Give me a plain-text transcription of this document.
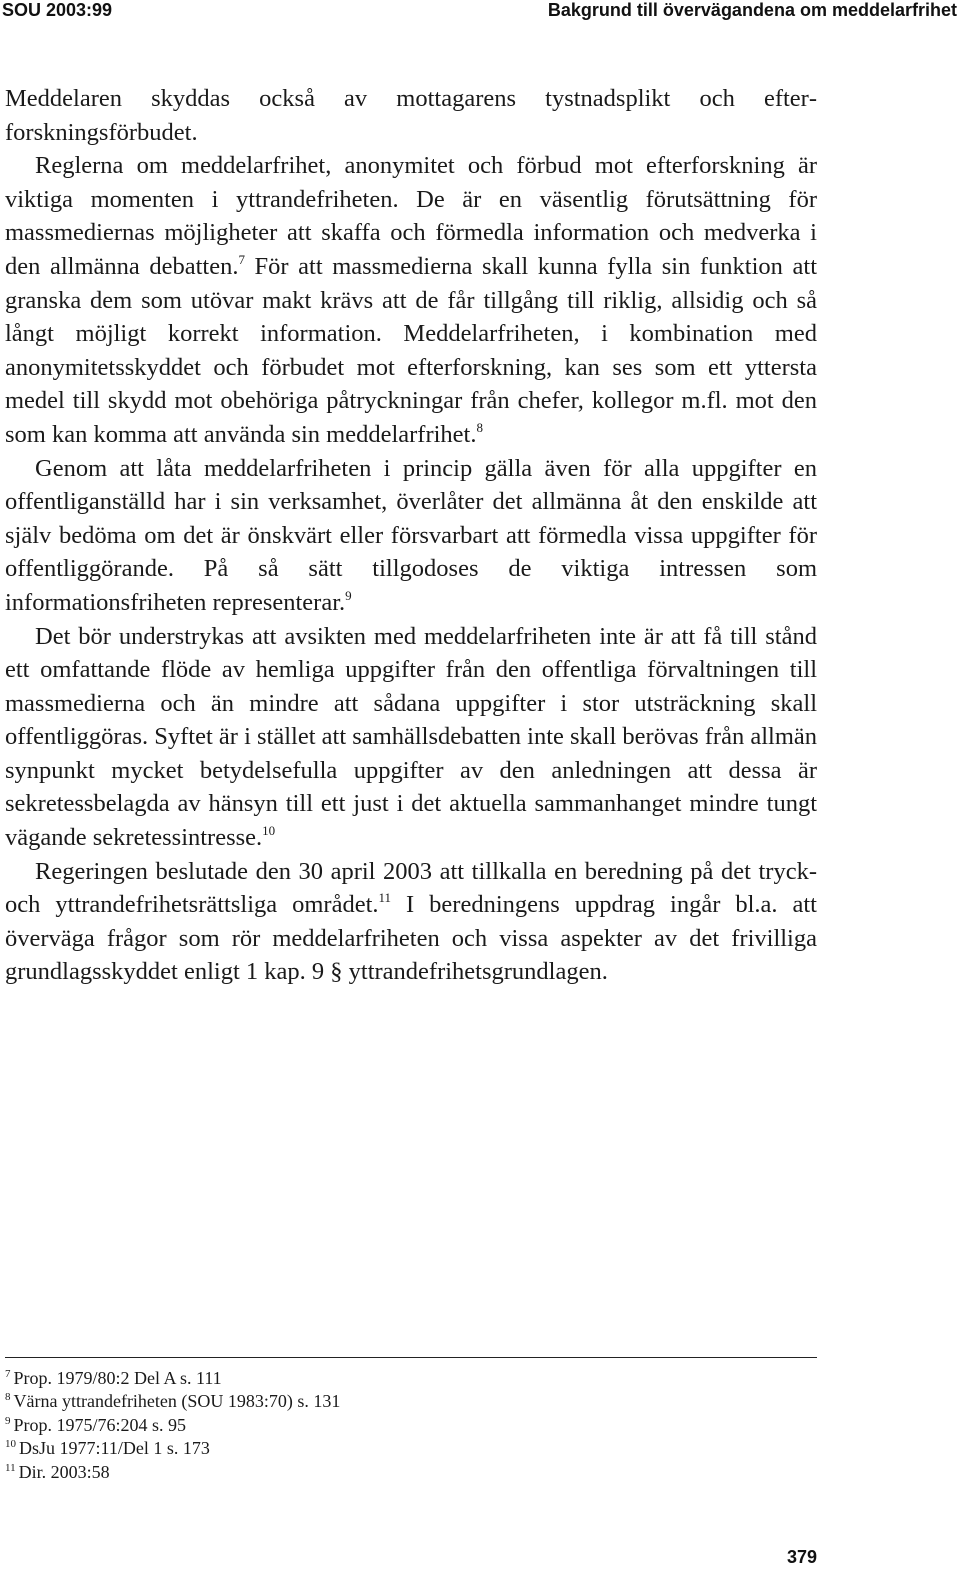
SOU 2003:99	Bakgrund till övervägandena om meddelarfrihet

Meddelaren skyddas också av mottagarens tystnadsplikt och efterforskningsförbudet.

Reglerna om meddelarfrihet, anonymitet och förbud mot efterforskning är viktiga momenten i yttrandefriheten. De är en väsentlig förutsättning för massmediernas möjligheter att skaffa och förmedla information och medverka i den allmänna debatten.$^7$ För att massmedierna skall kunna fylla sin funktion att granska dem som utövar makt krävs att de får tillgång till riklig, allsidig och så långt möjligt korrekt information. Meddelarfriheten, i kombination med anonymitetsskyddet och förbudet mot efterforskning, kan ses som ett yttersta medel till skydd mot obehöriga påtryckningar från chefer, kollegor m.fl. mot den som kan komma att använda sin meddelarfrihet.$^8$

Genom att låta meddelarfriheten i princip gälla även för alla uppgifter en offentliganställd har i sin verksamhet, överlåter det allmänna åt den enskilde att själv bedöma om det är önskvärt eller försvarbart att förmedla vissa uppgifter för offentliggörande. På så sätt tillgodoses de viktiga intressen som informationsfriheten representerar.$^9$

Det bör understrykas att avsikten med meddelarfriheten inte är att få till stånd ett omfattande flöde av hemliga uppgifter från den offentliga förvaltningen till massmedierna och än mindre att sådana uppgifter i stor utsträckning skall offentliggöras. Syftet är i stället att samhällsdebatten inte skall berövas från allmän synpunkt mycket betydelsefulla uppgifter av den anledningen att dessa är sekretessbelagda av hänsyn till ett just i det aktuella sammanhanget mindre tungt vägande sekretessintresse.$^{10}$

Regeringen beslutade den 30 april 2003 att tillkalla en beredning på det tryck- och yttrandefrihetsrättsliga området.$^{11}$ I beredningens uppdrag ingår bl.a. att överväga frågor som rör meddelarfriheten och vissa aspekter av det frivilliga grundlagsskyddet enligt 1 kap. 9 § yttrandefrihetsgrundlagen.

$^7$ Prop. 1979/80:2 Del A s. 111
$^8$ Värna yttrandefriheten (SOU 1983:70) s. 131
$^9$ Prop. 1975/76:204 s. 95
$^{10}$ DsJu 1977:11/Del 1 s. 173
$^{11}$ Dir. 2003:58
379
